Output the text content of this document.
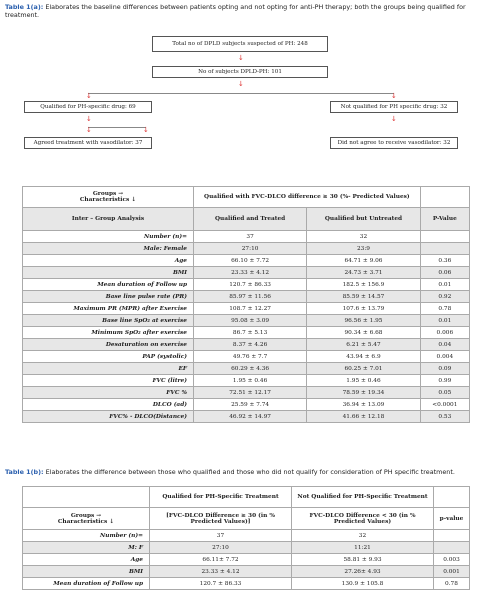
Table 1(a): Elaborates the baseline differences between patients opting and not opting for anti-PH therapy; both the groups being qualified for treatment.
Total no of DPLD subjects suspected of PH: 248
↓
No of subjects DPLD-PH: 101
↓
↓	↓
Qualified for PH-specific drug: 69	Not qualified for PH specific drug: 32
↓
↓	↓
↓
Agreed treatment with vasodilator: 37	Did not agree to receive vasodilator: 32
Groups →
Characteristics ↓	Qualified with FVC-DLCO difference ≥ 30 (%- Predicted Values)		
Inter – Group Analysis	Qualified and Treated	Qualified but Untreated	P-Value
Number (n)=	37	32	
Male: Female	27:10	23:9	
Age	66.10 ± 7.72	64.71 ± 9.06	0.36
BMI	23.33 ± 4.12	24.73 ± 3.71	0.06
Mean duration of Follow up	120.7 ± 86.33	182.5 ± 156.9	0.01
Base line pulse rate (PR)	85.97 ± 11.56	85.59 ± 14.57	0.92
Maximum PR (MPR) after Exercise	108.7 ± 12.27	107.6 ± 13.79	0.78
Base line SpO₂ at exercise	95.08 ± 3.09	96.56 ± 1.95	0.01
Minimum SpO₂ after exercise	86.7 ± 5.13	90.34 ± 6.68	0.006
Desaturation on exercise	8.37 ± 4.26	6.21 ± 5.47	0.04
PAP (systolic)	49.76 ± 7.7	43.94 ± 6.9	0.004
EF	60.29 ± 4.36	60.25 ± 7.01	0.09
FVC (litre)	1.95 ± 0.46	1.95 ± 0.46	0.99
FVC %	72.51 ± 12.17	78.59 ± 19.34	0.05
DLCO (ad)	25.59 ± 7.74	36.94 ± 13.09	<0.0001
FVC% - DLCO(Distance)	46.92 ± 14.97	41.66 ± 12.18	0.53
Table 1(b): Elaborates the difference between those who qualified and those who did not qualify for consideration of PH specific treatment.
	Qualified for PH-Specific Treatment	Not Qualified for PH-Specific Treatment	
Groups →
Characteristics ↓	[FVC-DLCO Difference ≥ 30 (in % Predicted Values)]	FVC-DLCO Difference < 30 (in % Predicted Values)	p-value
Number (n)=	37	32	
M: F	27:10	11:21	
Age	66.11± 7.72	58.81 ± 9.93	0.003
BMI	23.33 ± 4.12	27.26± 4.93	0.001
Mean duration of Follow up	120.7 ± 86.33	130.9 ± 105.8	0.78
